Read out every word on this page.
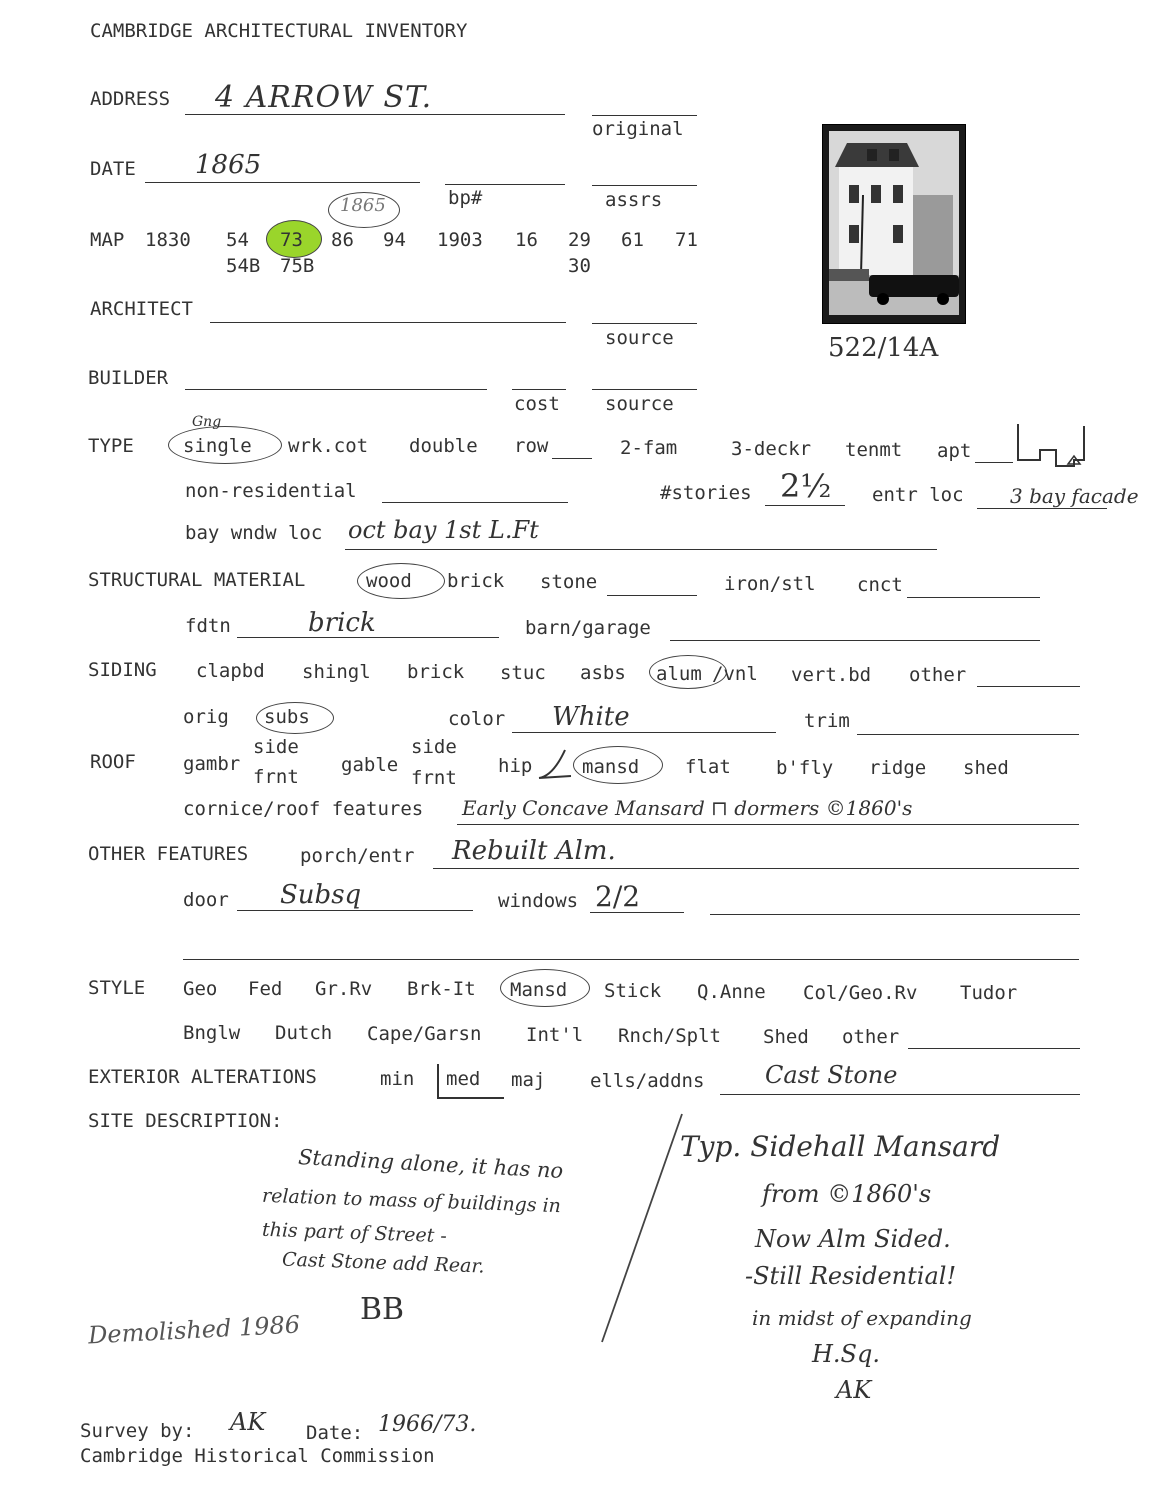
CAMBRIDGE ARCHITECTURAL INVENTORY
ADDRESS 4 ARROW ST.
original
DATE 1865
bp#	assrs
1865
MAP 1830 54 73 86 94 1903 16 29 61 71
54B 75B	30
522/14A
ARCHITECT
source
BUILDER
cost source
TYPE
Gng
single wrk.cot double row	2-fam	3-deckr tenmt apt
non-residential	#stories 2½ entr loc 3 bay facade
bay wndw loc oct bay 1st L.Ft
STRUCTURAL MATERIAL	wood brick stone	iron/stl cnct
fdtn	brick	barn/garage
SIDING clapbd shingl brick stuc asbs alum /vnl vert.bd other
orig subs	color White	trim
ROOF gambr
side
frnt
gable
side
frnt
hip	mansd flat b'fly ridge shed
cornice/roof features Early Concave Mansard ⊓ dormers ©1860's
OTHER FEATURES	porch/entr Rebuilt Alm.
door Subsq	windows 2/2
STYLE Geo Fed Gr.Rv Brk-It Mansd Stick Q.Anne Col/Geo.Rv Tudor
Bnglw Dutch Cape/Garsn Int'l Rnch/Splt Shed other
EXTERIOR ALTERATIONS	min med maj ells/addns	Cast Stone
SITE DESCRIPTION:
Standing alone, it has no
relation to mass of buildings in
this part of Street -
Cast Stone add Rear.
BB
Typ. Sidehall Mansard
from ©1860's
Now Alm Sided.
-Still Residential!
in midst of expanding
H.Sq.
AK
Demolished 1986
Survey by: AK Date: 1966/73.
Cambridge Historical Commission
